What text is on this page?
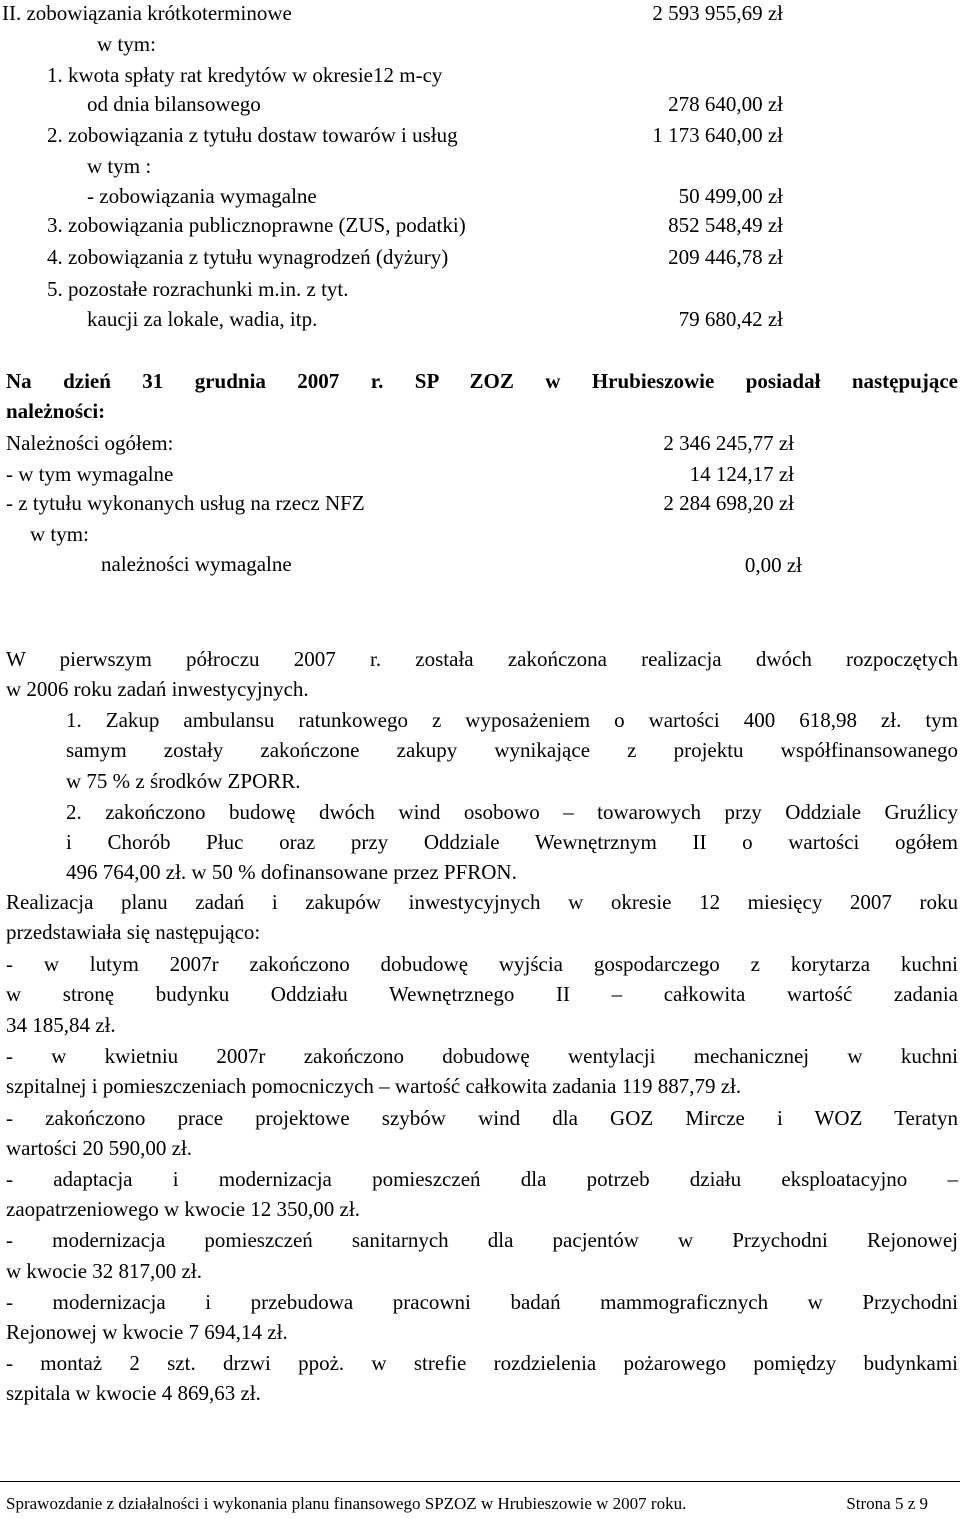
II. zobowiązania krótkoterminowe	2 593 955,69 zł
w tym:
1. kwota spłaty rat kredytów w okresie12 m-cy
od dnia bilansowego	278 640,00 zł
2. zobowiązania z tytułu dostaw towarów i usług	1 173 640,00 zł
w tym :
- zobowiązania wymagalne	50 499,00 zł
3. zobowiązania publicznoprawne (ZUS, podatki)	852 548,49 zł
4. zobowiązania z tytułu wynagrodzeń (dyżury)	209 446,78 zł
5. pozostałe rozrachunki m.in. z tyt.
kaucji za lokale, wadia, itp.	79 680,42 zł
Na dzień 31 grudnia 2007 r. SP ZOZ w Hrubieszowie posiadał następujące
należności:
Należności ogółem:	2 346 245,77 zł
- w tym wymagalne	14 124,17 zł
- z tytułu wykonanych usług na rzecz NFZ	2 284 698,20 zł
w tym:
należności wymagalne	0,00 zł
W pierwszym półroczu 2007 r. została zakończona realizacja dwóch rozpoczętych
w 2006 roku zadań inwestycyjnych.
1. Zakup ambulansu ratunkowego z wyposażeniem o wartości 400 618,98 zł. tym
samym zostały zakończone zakupy wynikające z projektu współfinansowanego
w 75 % z środków ZPORR.
2. zakończono budowę dwóch wind osobowo – towarowych przy Oddziale Gruźlicy
i Chorób Płuc oraz przy Oddziale Wewnętrznym II o wartości ogółem
496 764,00 zł. w 50 % dofinansowane przez PFRON.
Realizacja planu zadań i zakupów inwestycyjnych w okresie 12 miesięcy 2007 roku
przedstawiała się następująco:
- w lutym 2007r zakończono dobudowę wyjścia gospodarczego z korytarza kuchni
w stronę budynku Oddziału Wewnętrznego II – całkowita wartość zadania
34 185,84 zł.
- w kwietniu 2007r zakończono dobudowę wentylacji mechanicznej w kuchni
szpitalnej i pomieszczeniach pomocniczych – wartość całkowita zadania 119 887,79 zł.
- zakończono prace projektowe szybów wind dla GOZ Mircze i WOZ Teratyn
wartości 20 590,00 zł.
- adaptacja i modernizacja pomieszczeń dla potrzeb działu eksploatacyjno –
zaopatrzeniowego w kwocie 12 350,00 zł.
- modernizacja pomieszczeń sanitarnych dla pacjentów w Przychodni Rejonowej
w kwocie 32 817,00 zł.
- modernizacja i przebudowa pracowni badań mammograficznych w Przychodni
Rejonowej w kwocie 7 694,14 zł.
- montaż 2 szt. drzwi ppoż. w strefie rozdzielenia pożarowego pomiędzy budynkami
szpitala w kwocie 4 869,63 zł.
Sprawozdanie z działalności i wykonania planu finansowego SPZOZ w Hrubieszowie w 2007 roku.	Strona 5 z 9
